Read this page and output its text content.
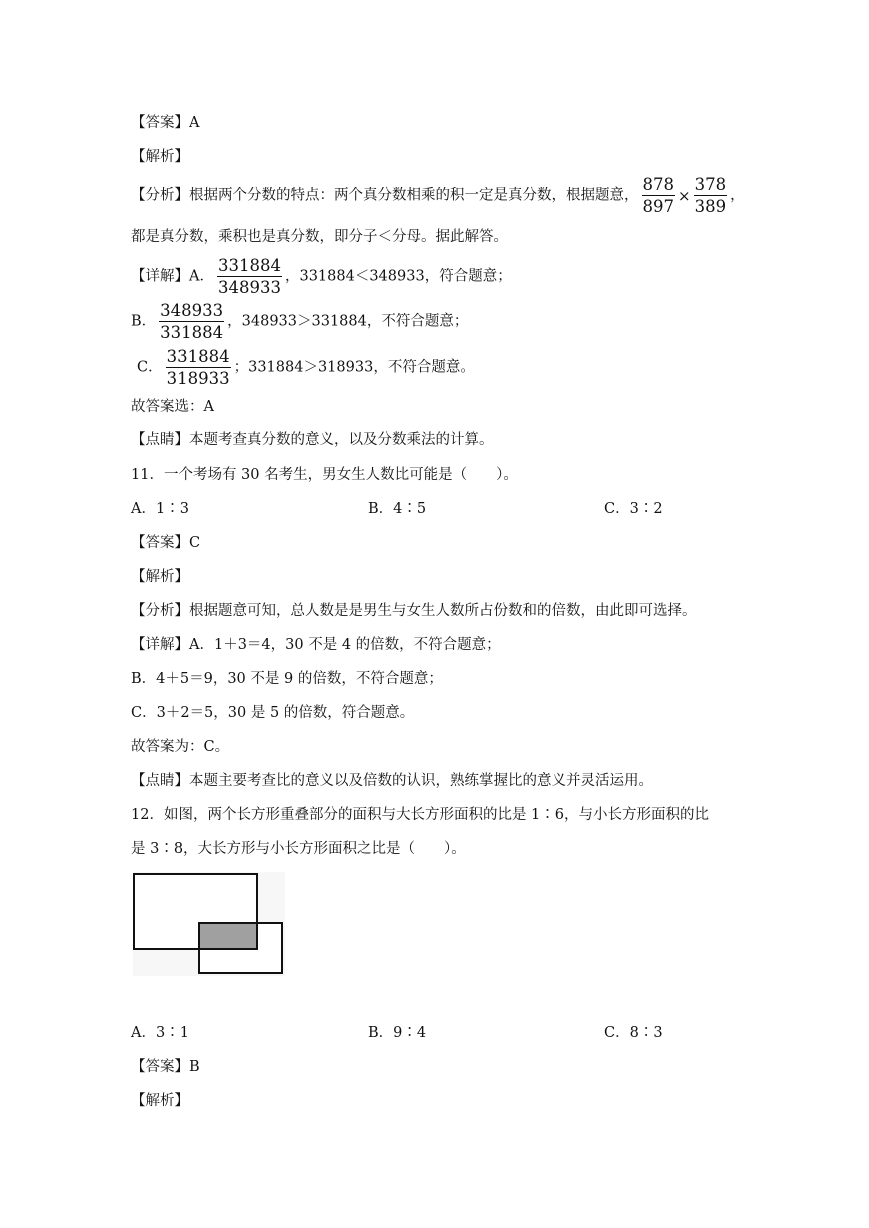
【答案】A
【解析】
【分析】根据两个分数的特点：两个真分数相乘的积一定是真分数，根据题意， $\frac{878}{897} \times \frac{378}{389}$ ，
都是真分数，乘积也是真分数，即分子＜分母。据此解答。
【详解】A． $\frac{331884}{348933}$ ，331884＜348933，符合题意；
B． $\frac{348933}{331884}$ ，348933＞331884，不符合题意；
C． $\frac{331884}{318933}$ ；331884＞318933，不符合题意。
故答案选：A
【点睛】本题考查真分数的意义，以及分数乘法的计算。
11．一个考场有 30 名考生，男女生人数比可能是（　　）。
A．1∶3	B．4∶5	C．3∶2
【答案】C
【解析】
【分析】根据题意可知，总人数是是男生与女生人数所占份数和的倍数，由此即可选择。
【详解】A．1＋3＝4，30 不是 4 的倍数，不符合题意；
B．4＋5＝9，30 不是 9 的倍数，不符合题意；
C．3＋2＝5，30 是 5 的倍数，符合题意。
故答案为：C。
【点睛】本题主要考查比的意义以及倍数的认识，熟练掌握比的意义并灵活运用。
12．如图，两个长方形重叠部分的面积与大长方形面积的比是 1∶6，与小长方形面积的比
是 3∶8，大长方形与小长方形面积之比是（　　）。
A．3∶1	B．9∶4	C．8∶3
【答案】B
【解析】
